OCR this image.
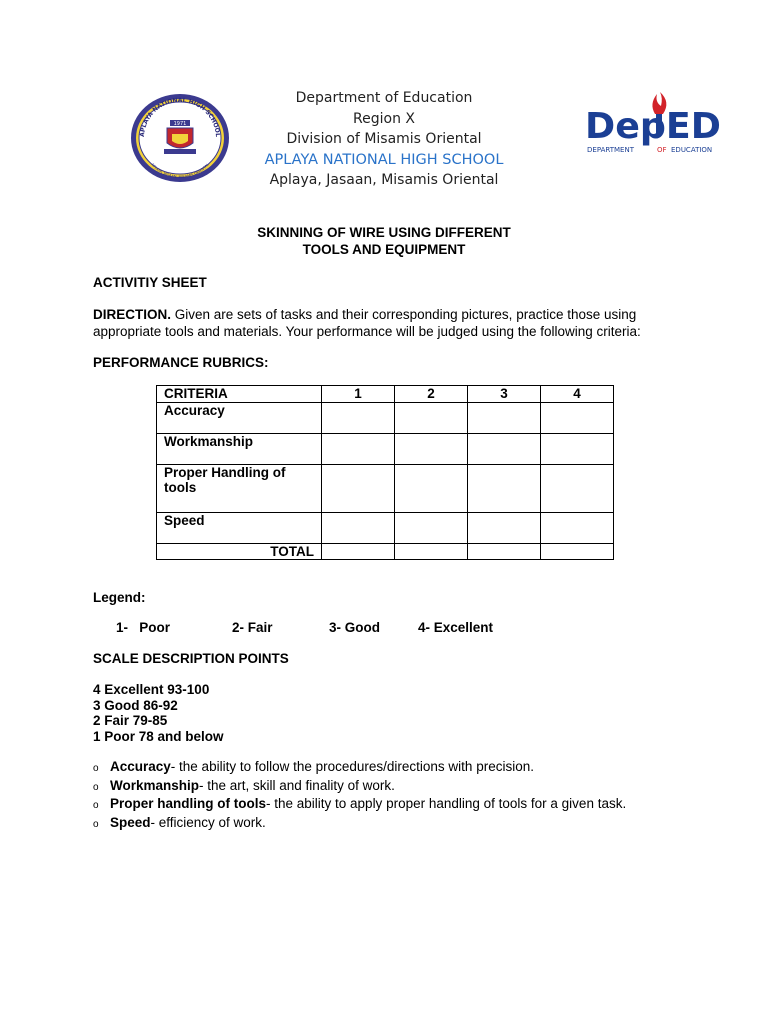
APLAYA NATIONAL HIGH SCHOOL
APLAYA, JASAAN, MISAMIS ORIENTAL
1971
Department of Education
Region X
Division of Misamis Oriental
APLAYA NATIONAL HIGH SCHOOL
Aplaya, Jasaan, Misamis Oriental
DepED
DEPARTMENT	OF EDUCATION
SKINNING OF WIRE USING DIFFERENT
TOOLS AND EQUIPMENT
ACTIVITIY SHEET
DIRECTION. Given are sets of tasks and their corresponding pictures, practice those using appropriate tools and materials. Your performance will be judged using the following criteria:
PERFORMANCE RUBRICS:
CRITERIA	1	2	3	4
Accuracy				
Workmanship				
Proper Handling of tools				
Speed				
TOTAL				
Legend:
1-   Poor	2- Fair	3- Good	4- Excellent
SCALE DESCRIPTION POINTS
4 Excellent 93-100
3 Good 86-92
2 Fair 79-85
1 Poor 78 and below
o Accuracy- the ability to follow the procedures/directions with precision.
o Workmanship- the art, skill and finality of work.
o Proper handling of tools- the ability to apply proper handling of tools for a given task.
o Speed- efficiency of work.
